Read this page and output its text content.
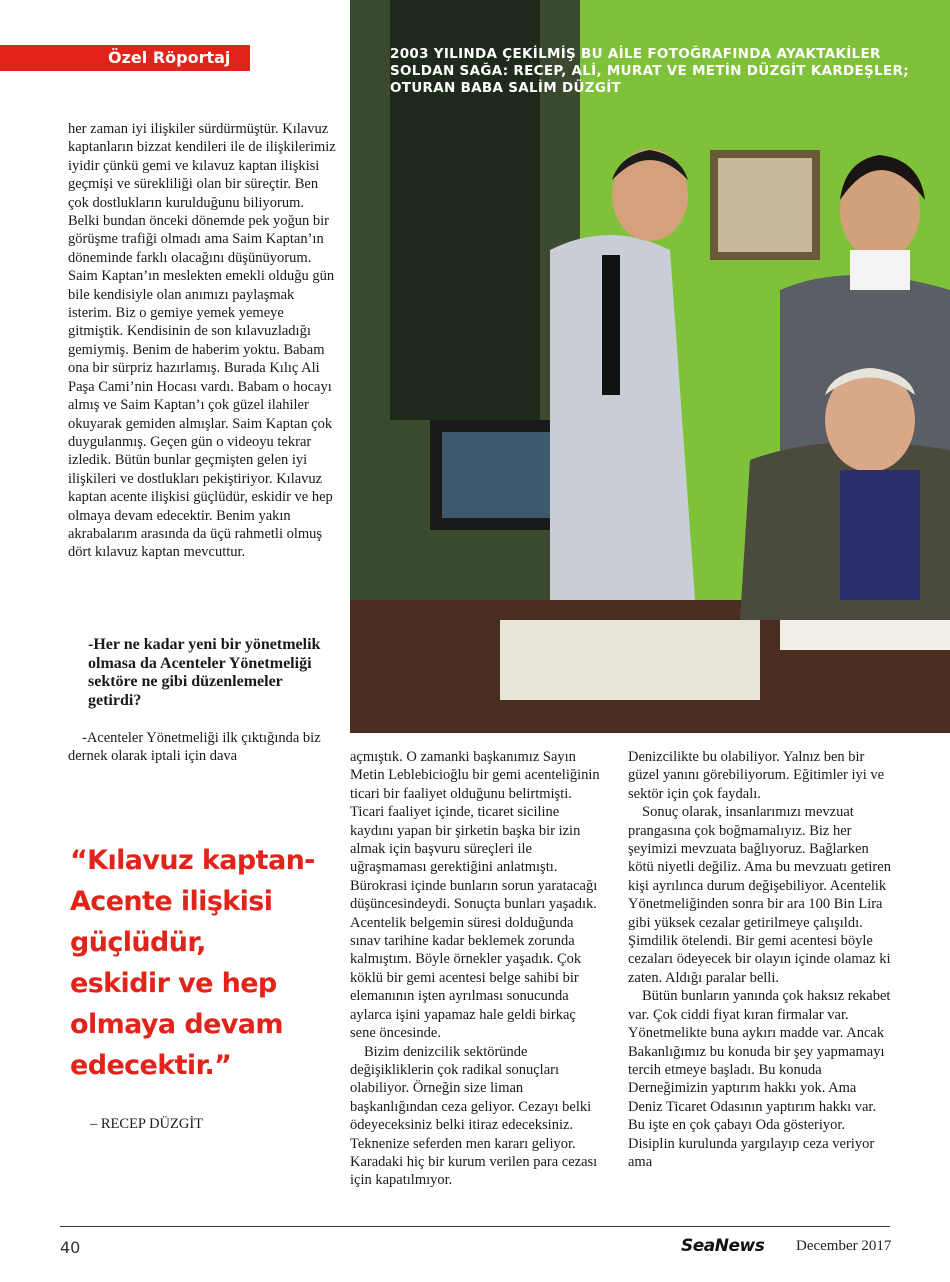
Özel Röportaj	2003 YILINDA ÇEKİLMİŞ BU AİLE FOTOĞRAFINDA AYAKTAKİLER
SOLDAN SAĞA: RECEP, ALİ, MURAT VE METİN DÜZGİT KARDEŞLER;
OTURAN BABA SALİM DÜZGİT

her zaman iyi ilişkiler sürdürmüştür. Kılavuz kaptanların bizzat kendileri ile de ilişkilerimiz iyidir çünkü gemi ve kılavuz kaptan ilişkisi geçmişi ve sürekliliği olan bir süreçtir. Ben çok dostlukların kurulduğunu biliyorum. Belki bundan önceki dönemde pek yoğun bir görüşme trafiği olmadı ama Saim Kaptan’ın döneminde farklı olacağını düşünüyorum. Saim Kaptan’ın meslekten emekli olduğu gün bile kendisiyle olan anımızı paylaşmak isterim. Biz o gemiye yemek yemeye gitmiştik. Kendisinin de son kılavuzladığı gemiymiş. Benim de haberim yoktu. Babam ona bir sürpriz hazırlamış. Burada Kılıç Ali Paşa Cami’nin Hocası vardı. Babam o hocayı almış ve Saim Kaptan’ı çok güzel ilahiler okuyarak gemiden almışlar. Saim Kaptan çok duygulanmış. Geçen gün o videoyu tekrar izledik. Bütün bunlar geçmişten gelen iyi ilişkileri ve dostlukları pekiştiriyor. Kılavuz kaptan acente ilişkisi güçlüdür, eskidir ve hep olmaya devam edecektir. Benim yakın akrabalarım arasında da üçü rahmetli olmuş dört kılavuz kaptan mevcuttur.

-Her ne kadar yeni bir yönetmelik olmasa da Acenteler Yönetmeliği sektöre ne gibi düzenlemeler getirdi?

-Acenteler Yönetmeliği ilk çıktığında biz dernek olarak iptali için dava

“Kılavuz kaptan-
Acente ilişkisi
güçlüdür,
eskidir ve hep
olmaya devam
edecektir.”
– RECEP DÜZGİT

açmıştık. O zamanki başkanımız Sayın Metin Leblebicioğlu bir gemi acenteliğinin ticari bir faaliyet olduğunu belirtmişti. Ticari faaliyet içinde, ticaret siciline kaydını yapan bir şirketin başka bir izin almak için başvuru süreçleri ile uğraşmaması gerektiğini anlatmıştı. Bürokrasi içinde bunların sorun yaratacağı düşüncesindeydi. Sonuçta bunları yaşadık. Acentelik belgemin süresi dolduğunda sınav tarihine kadar beklemek zorunda kalmıştım. Böyle örnekler yaşadık. Çok köklü bir gemi acentesi belge sahibi bir elemanının işten ayrılması sonucunda aylarca işini yapamaz hale geldi birkaç sene öncesinde.

Bizim denizcilik sektöründe değişikliklerin çok radikal sonuçları olabiliyor. Örneğin size liman başkanlığından ceza geliyor. Cezayı belki ödeyeceksiniz belki itiraz edeceksiniz. Teknenize seferden men kararı geliyor. Karadaki hiç bir kurum verilen para cezası için kapatılmıyor.

Denizcilikte bu olabiliyor. Yalnız ben bir güzel yanını görebiliyorum. Eğitimler iyi ve sektör için çok faydalı.

Sonuç olarak, insanlarımızı mevzuat prangasına çok boğmamalıyız. Biz her şeyimizi mevzuata bağlıyoruz. Bağlarken kötü niyetli değiliz. Ama bu mevzuatı getiren kişi ayrılınca durum değişebiliyor. Acentelik Yönetmeliğinden sonra bir ara 100 Bin Lira gibi yüksek cezalar getirilmeye çalışıldı. Şimdilik ötelendi. Bir gemi acentesi böyle cezaları ödeyecek bir olayın içinde olamaz ki zaten. Aldığı paralar belli.

Bütün bunların yanında çok haksız rekabet var. Çok ciddi fiyat kıran firmalar var. Yönetmelikte buna aykırı madde var. Ancak Bakanlığımız bu konuda bir şey yapmamayı tercih etmeye başladı. Bu konuda Derneğimizin yaptırım hakkı yok. Ama Deniz Ticaret Odasının yaptırım hakkı var. Bu işte en çok çabayı Oda gösteriyor. Disiplin kurulunda yargılayıp ceza veriyor ama

40	SeaNews December 2017
